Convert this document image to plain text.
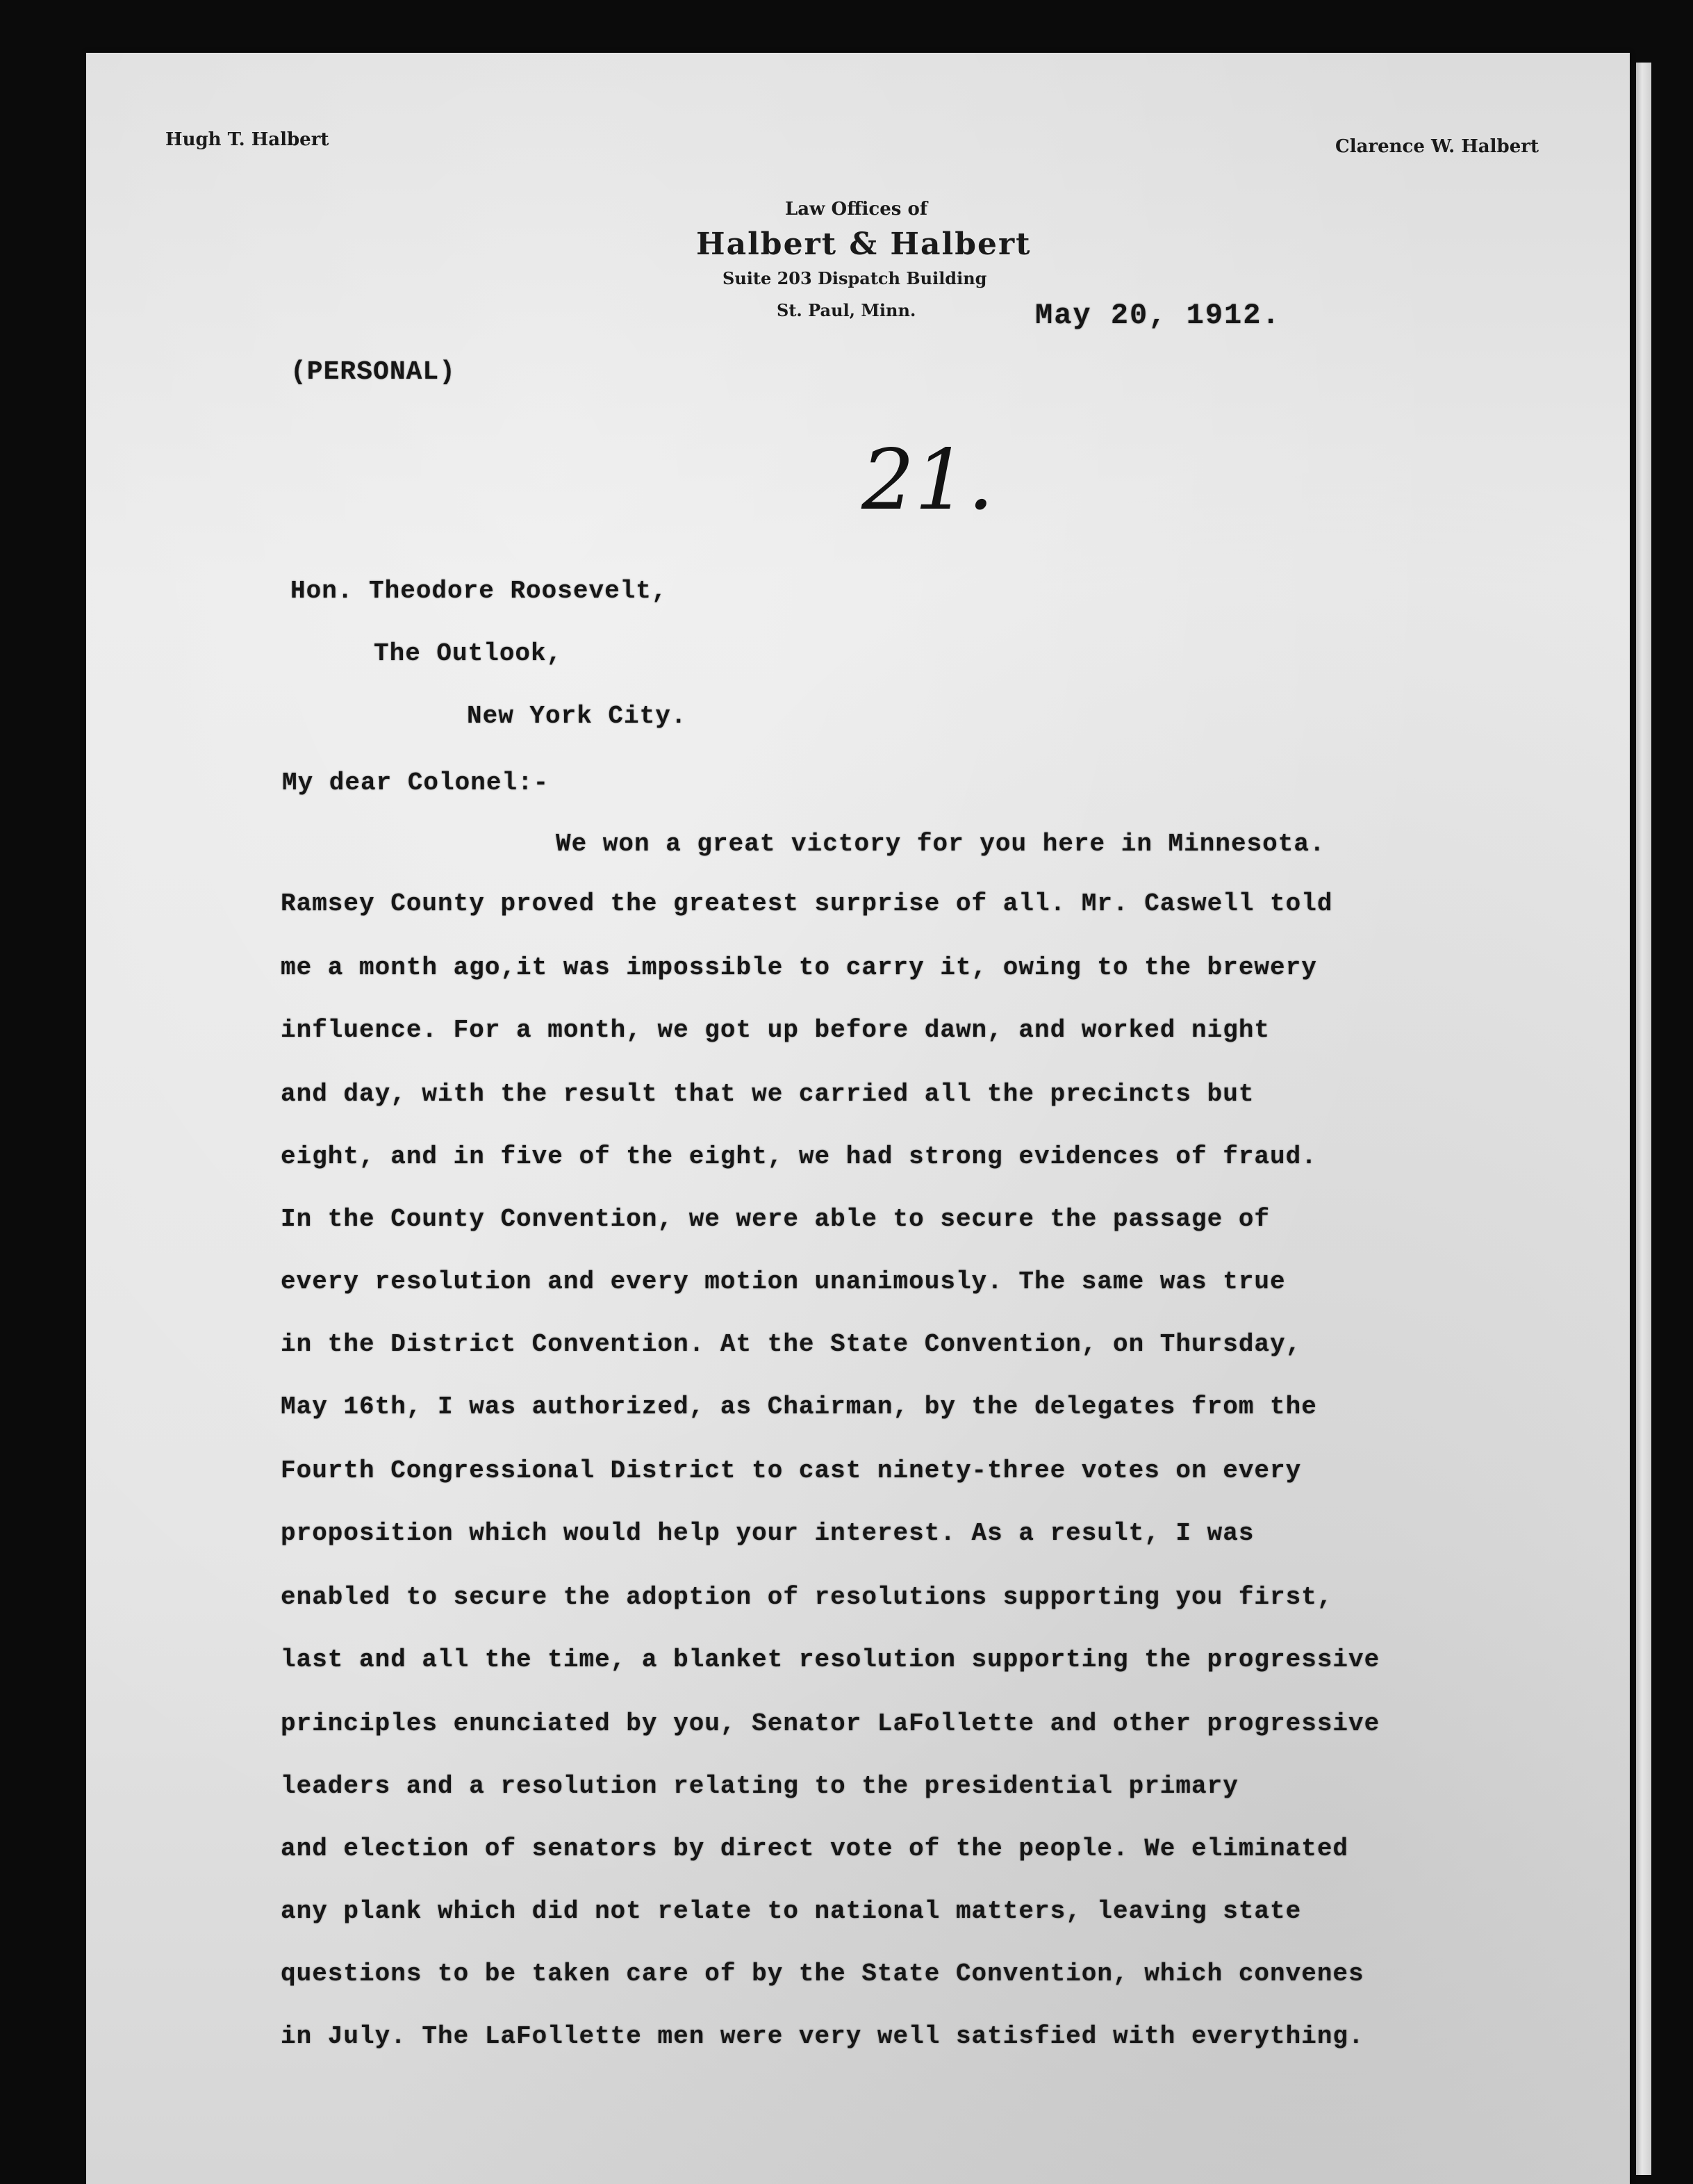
Hugh T. Halbert	Clarence W. Halbert
Law Offices of
Halbert & Halbert
Suite 203 Dispatch Building
St. Paul, Minn.	May 20, 1912.
(PERSONAL)
21.
Hon. Theodore Roosevelt,
The Outlook,
New York City.
My dear Colonel:-
We won a great victory for you here in Minnesota.
Ramsey County proved the greatest surprise of all. Mr. Caswell told
me a month ago,it was impossible to carry it, owing to the brewery
influence. For a month, we got up before dawn, and worked night
and day, with the result that we carried all the precincts but
eight, and in five of the eight, we had strong evidences of fraud.
In the County Convention, we were able to secure the passage of
every resolution and every motion unanimously. The same was true
in the District Convention. At the State Convention, on Thursday,
May 16th, I was authorized, as Chairman, by the delegates from the
Fourth Congressional District to cast ninety-three votes on every
proposition which would help your interest. As a result, I was
enabled to secure the adoption of resolutions supporting you first,
last and all the time, a blanket resolution supporting the progressive
principles enunciated by you, Senator LaFollette and other progressive
leaders and a resolution relating to the presidential primary
and election of senators by direct vote of the people. We eliminated
any plank which did not relate to national matters, leaving state
questions to be taken care of by the State Convention, which convenes
in July. The LaFollette men were very well satisfied with everything.
